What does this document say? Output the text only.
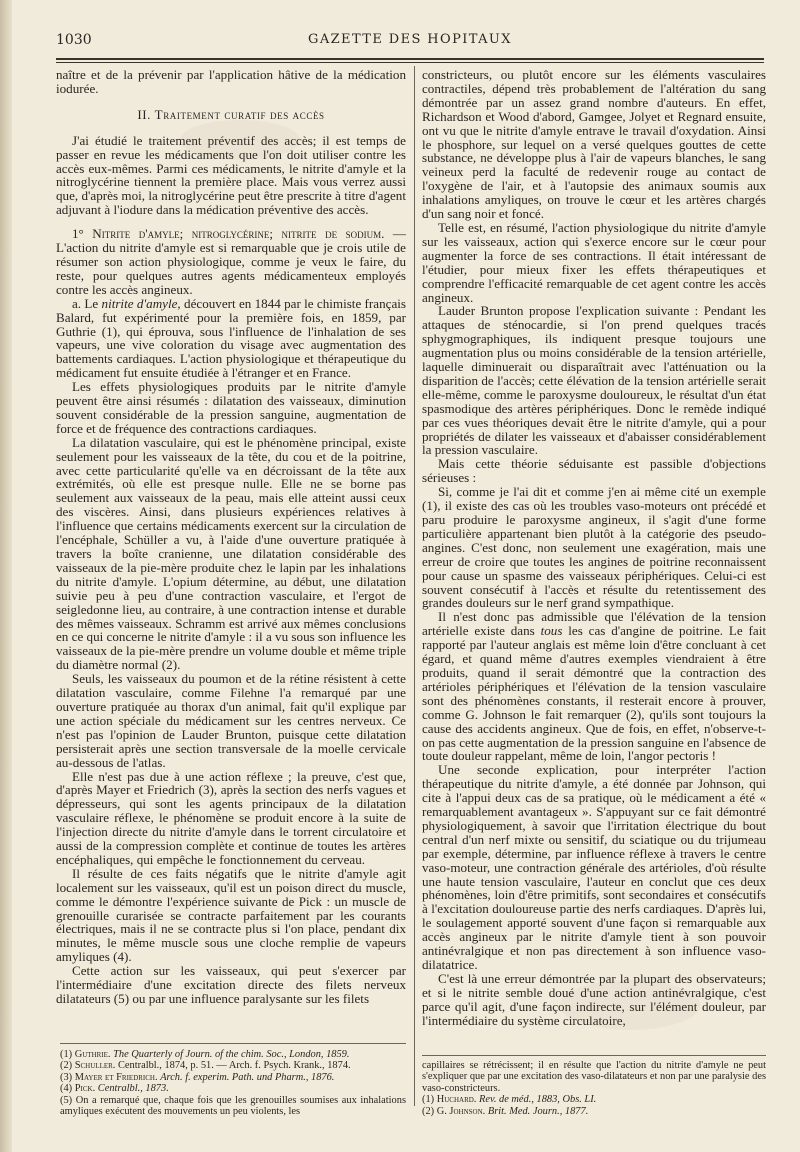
1030	GAZETTE DES HOPITAUX

naître et de la prévenir par l'application hâtive de la médication iodurée.

II. Traitement curatif des accès

J'ai étudié le traitement préventif des accès; il est temps de passer en revue les médicaments que l'on doit utiliser contre les accès eux-mêmes. Parmi ces médicaments, le nitrite d'amyle et la nitroglycérine tiennent la première place. Mais vous verrez aussi que, d'après moi, la nitroglycérine peut être prescrite à titre d'agent adjuvant à l'iodure dans la médication préventive des accès.

1° Nitrite d'amyle; nitroglycérine; nitrite de sodium. — L'action du nitrite d'amyle est si remarquable que je crois utile de résumer son action physiologique, comme je veux le faire, du reste, pour quelques autres agents médicamenteux employés contre les accès angineux.

a. Le nitrite d'amyle, découvert en 1844 par le chimiste français Balard, fut expérimenté pour la première fois, en 1859, par Guthrie (1), qui éprouva, sous l'influence de l'inhalation de ses vapeurs, une vive coloration du visage avec augmentation des battements cardiaques. L'action physiologique et thérapeutique du médicament fut ensuite étudiée à l'étranger et en France.

Les effets physiologiques produits par le nitrite d'amyle peuvent être ainsi résumés : dilatation des vaisseaux, diminution souvent considérable de la pression sanguine, augmentation de force et de fréquence des contractions cardiaques.

La dilatation vasculaire, qui est le phénomène principal, existe seulement pour les vaisseaux de la tête, du cou et de la poitrine, avec cette particularité qu'elle va en décroissant de la tête aux extrémités, où elle est presque nulle. Elle ne se borne pas seulement aux vaisseaux de la peau, mais elle atteint aussi ceux des viscères. Ainsi, dans plusieurs expériences relatives à l'influence que certains médicaments exercent sur la circulation de l'encéphale, Schüller a vu, à l'aide d'une ouverture pratiquée à travers la boîte cranienne, une dilatation considérable des vaisseaux de la pie-mère produite chez le lapin par les inhalations du nitrite d'amyle. L'opium détermine, au début, une dilatation suivie peu à peu d'une contraction vasculaire, et l'ergot de seigledonne lieu, au contraire, à une contraction intense et durable des mêmes vaisseaux. Schramm est arrivé aux mêmes conclusions en ce qui concerne le nitrite d'amyle : il a vu sous son influence les vaisseaux de la pie-mère prendre un volume double et même triple du diamètre normal (2).

Seuls, les vaisseaux du poumon et de la rétine résistent à cette dilatation vasculaire, comme Filehne l'a remarqué par une ouverture pratiquée au thorax d'un animal, fait qu'il explique par une action spéciale du médicament sur les centres nerveux. Ce n'est pas l'opinion de Lauder Brunton, puisque cette dilatation persisterait après une section transversale de la moelle cervicale au-dessous de l'atlas.

Elle n'est pas due à une action réflexe ; la preuve, c'est que, d'après Mayer et Friedrich (3), après la section des nerfs vagues et dépresseurs, qui sont les agents principaux de la dilatation vasculaire réflexe, le phénomène se produit encore à la suite de l'injection directe du nitrite d'amyle dans le torrent circulatoire et aussi de la compression complète et continue de toutes les artères encéphaliques, qui empêche le fonctionnement du cerveau.

Il résulte de ces faits négatifs que le nitrite d'amyle agit localement sur les vaisseaux, qu'il est un poison direct du muscle, comme le démontre l'expérience suivante de Pick : un muscle de grenouille curarisée se contracte parfaitement par les courants électriques, mais il ne se contracte plus si l'on place, pendant dix minutes, le même muscle sous une cloche remplie de vapeurs amyliques (4).

Cette action sur les vaisseaux, qui peut s'exercer par l'intermédiaire d'une excitation directe des filets nerveux dilatateurs (5) ou par une influence paralysante sur les filets

constricteurs, ou plutôt encore sur les éléments vasculaires contractiles, dépend très probablement de l'altération du sang démontrée par un assez grand nombre d'auteurs. En effet, Richardson et Wood d'abord, Gamgee, Jolyet et Regnard ensuite, ont vu que le nitrite d'amyle entrave le travail d'oxydation. Ainsi le phosphore, sur lequel on a versé quelques gouttes de cette substance, ne développe plus à l'air de vapeurs blanches, le sang veineux perd la faculté de redevenir rouge au contact de l'oxygène de l'air, et à l'autopsie des animaux soumis aux inhalations amyliques, on trouve le cœur et les artères chargés d'un sang noir et foncé.

Telle est, en résumé, l'action physiologique du nitrite d'amyle sur les vaisseaux, action qui s'exerce encore sur le cœur pour augmenter la force de ses contractions. Il était intéressant de l'étudier, pour mieux fixer les effets thérapeutiques et comprendre l'efficacité remarquable de cet agent contre les accès angineux.

Lauder Brunton propose l'explication suivante : Pendant les attaques de sténocardie, si l'on prend quelques tracés sphygmographiques, ils indiquent presque toujours une augmentation plus ou moins considérable de la tension artérielle, laquelle diminuerait ou disparaîtrait avec l'atténuation ou la disparition de l'accès; cette élévation de la tension artérielle serait elle-même, comme le paroxysme douloureux, le résultat d'un état spasmodique des artères périphériques. Donc le remède indiqué par ces vues théoriques devait être le nitrite d'amyle, qui a pour propriétés de dilater les vaisseaux et d'abaisser considérablement la pression vasculaire.

Mais cette théorie séduisante est passible d'objections sérieuses :

Si, comme je l'ai dit et comme j'en ai même cité un exemple (1), il existe des cas où les troubles vaso-moteurs ont précédé et paru produire le paroxysme angineux, il s'agit d'une forme particulière appartenant bien plutôt à la catégorie des pseudo-angines. C'est donc, non seulement une exagération, mais une erreur de croire que toutes les angines de poitrine reconnaissent pour cause un spasme des vaisseaux périphériques. Celui-ci est souvent consécutif à l'accès et résulte du retentissement des grandes douleurs sur le nerf grand sympathique.

Il n'est donc pas admissible que l'élévation de la tension artérielle existe dans tous les cas d'angine de poitrine. Le fait rapporté par l'auteur anglais est même loin d'être concluant à cet égard, et quand même d'autres exemples viendraient à être produits, quand il serait démontré que la contraction des artérioles périphériques et l'élévation de la tension vasculaire sont des phénomènes constants, il resterait encore à prouver, comme G. Johnson le fait remarquer (2), qu'ils sont toujours la cause des accidents angineux. Que de fois, en effet, n'observe-t-on pas cette augmentation de la pression sanguine en l'absence de toute douleur rappelant, même de loin, l'angor pectoris !

Une seconde explication, pour interpréter l'action thérapeutique du nitrite d'amyle, a été donnée par Johnson, qui cite à l'appui deux cas de sa pratique, où le médicament a été « remarquablement avantageux ». S'appuyant sur ce fait démontré physiologiquement, à savoir que l'irritation électrique du bout central d'un nerf mixte ou sensitif, du sciatique ou du trijumeau par exemple, détermine, par influence réflexe à travers le centre vaso-moteur, une contraction générale des artérioles, d'où résulte une haute tension vasculaire, l'auteur en conclut que ces deux phénomènes, loin d'être primitifs, sont secondaires et consécutifs à l'excitation douloureuse partie des nerfs cardiaques. D'après lui, le soulagement apporté souvent d'une façon si remarquable aux accès angineux par le nitrite d'amyle tient à son pouvoir antinévralgique et non pas directement à son influence vaso-dilatatrice.

C'est là une erreur démontrée par la plupart des observateurs; et si le nitrite semble doué d'une action antinévralgique, c'est parce qu'il agit, d'une façon indirecte, sur l'élément douleur, par l'intermédiaire du système circulatoire,

(1) Guthrie. The Quarterly of Journ. of the chim. Soc., London, 1859.

(2) Schuller. Centralbl., 1874, p. 51. — Arch. f. Psych. Krank., 1874.

(3) Mayer et Friedrich. Arch. f. experim. Path. und Pharm., 1876.

(4) Pick. Centralbl., 1873.

(5) On a remarqué que, chaque fois que les grenouilles soumises aux inhalations amyliques exécutent des mouvements un peu violents, les

capillaires se rétrécissent; il en résulte que l'action du nitrite d'amyle ne peut s'expliquer que par une excitation des vaso-dilatateurs et non par une paralysie des vaso-constricteurs.

(1) Huchard. Rev. de méd., 1883, Obs. LI.

(2) G. Johnson. Brit. Med. Journ., 1877.
